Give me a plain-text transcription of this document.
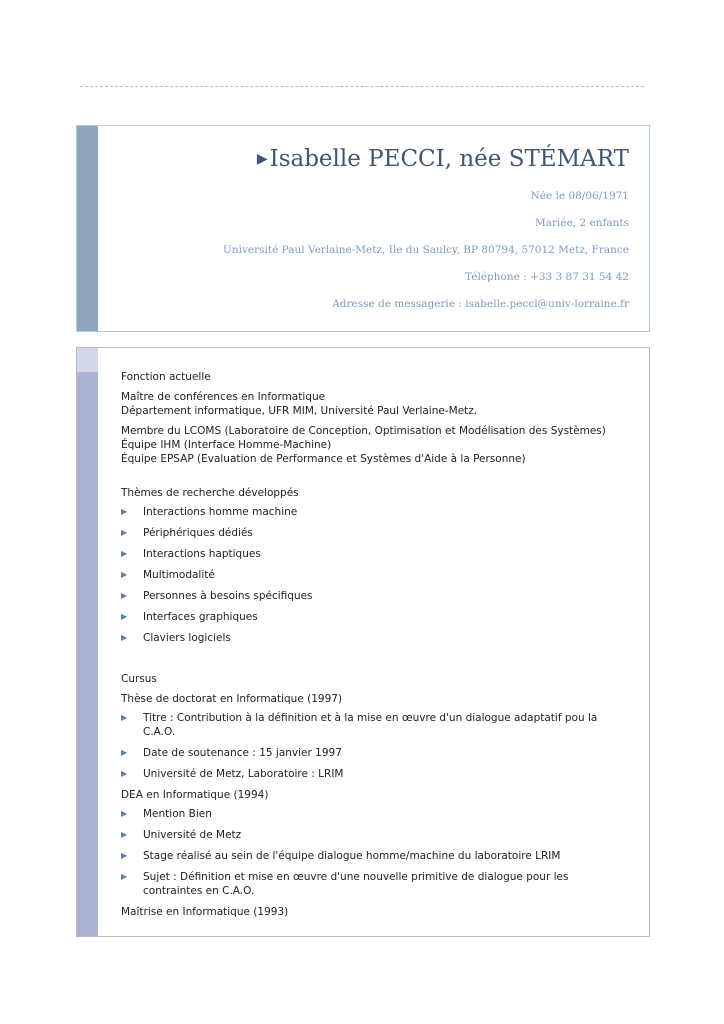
▶Isabelle PECCI, née STÉMART
Née le 08/06/1971
Mariée, 2 enfants
Université Paul Verlaine-Metz, Ile du Saulcy, BP 80794, 57012 Metz, France
Téléphone : +33 3 87 31 54 42
Adresse de messagerie : isabelle.pecci@univ-lorraine.fr

Fonction actuelle

Maître de conférences en Informatique

Département informatique, UFR MIM, Université Paul Verlaine-Metz.

Membre du LCOMS (Laboratoire de Conception, Optimisation et Modélisation des Systèmes)

Équipe IHM (Interface Homme-Machine)

Équipe EPSAP (Evaluation de Performance et Systèmes d'Aide à la Personne)

Thèmes de recherche développés

▶	Interactions homme machine
▶	Périphériques dédiés
▶	Interactions haptiques
▶	Multimodalité
▶	Personnes à besoins spécifiques
▶	Interfaces graphiques
▶	Claviers logiciels

Cursus

Thèse de doctorat en Informatique (1997)

▶	Titre : Contribution à la définition et à la mise en œuvre d'un dialogue adaptatif pou la C.A.O.
▶	Date de soutenance : 15 janvier 1997
▶	Université de Metz, Laboratoire : LRIM

DEA en Informatique (1994)

▶	Mention Bien
▶	Université de Metz
▶	Stage réalisé au sein de l'équipe dialogue homme/machine du laboratoire LRIM
▶	Sujet : Définition et mise en œuvre d'une nouvelle primitive de dialogue pour les contraintes en C.A.O.

Maîtrise en Informatique (1993)
